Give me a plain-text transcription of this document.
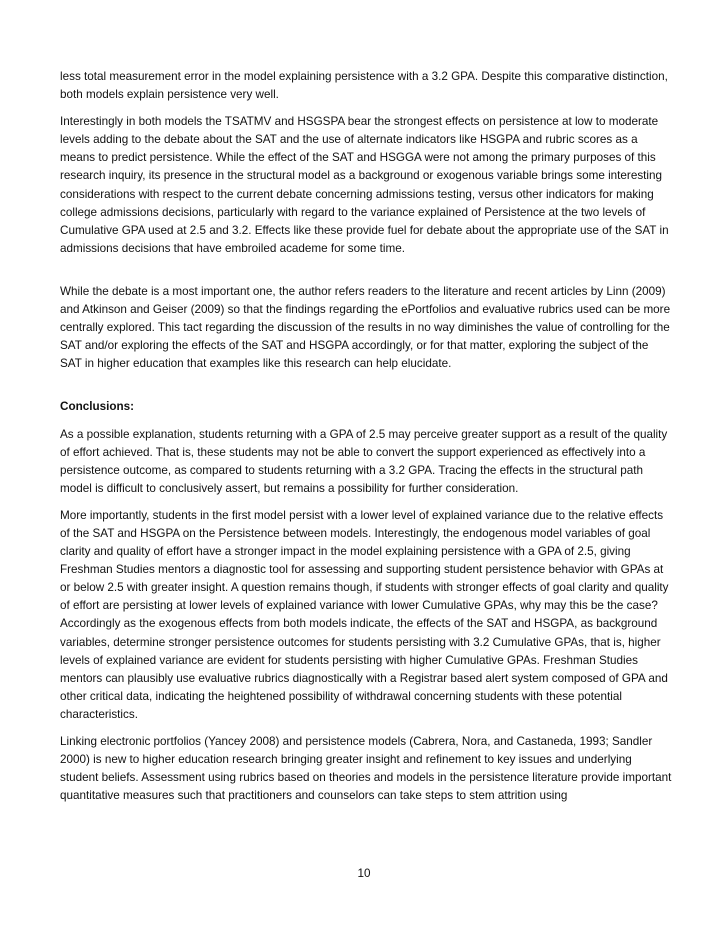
less total measurement error in the model explaining persistence with a 3.2 GPA. Despite this comparative distinction, both models explain persistence very well.

Interestingly in both models the TSATMV and HSGSPA bear the strongest effects on persistence at low to moderate levels adding to the debate about the SAT and the use of alternate indicators like HSGPA and rubric scores as a means to predict persistence. While the effect of the SAT and HSGGA were not among the primary purposes of this research inquiry, its presence in the structural model as a background or exogenous variable brings some interesting considerations with respect to the current debate concerning admissions testing, versus other indicators for making college admissions decisions, particularly with regard to the variance explained of Persistence at the two levels of Cumulative GPA used at 2.5 and 3.2. Effects like these provide fuel for debate about the appropriate use of the SAT in admissions decisions that have embroiled academe for some time.

While the debate is a most important one, the author refers readers to the literature and recent articles by Linn (2009) and Atkinson and Geiser (2009) so that the findings regarding the ePortfolios and evaluative rubrics used can be more centrally explored. This tact regarding the discussion of the results in no way diminishes the value of controlling for the SAT and/or exploring the effects of the SAT and HSGPA accordingly, or for that matter, exploring the subject of the SAT in higher education that examples like this research can help elucidate.

Conclusions:

As a possible explanation, students returning with a GPA of 2.5 may perceive greater support as a result of the quality of effort achieved. That is, these students may not be able to convert the support experienced as effectively into a persistence outcome, as compared to students returning with a 3.2 GPA. Tracing the effects in the structural path model is difficult to conclusively assert, but remains a possibility for further consideration.

More importantly, students in the first model persist with a lower level of explained variance due to the relative effects of the SAT and HSGPA on the Persistence between models. Interestingly, the endogenous model variables of goal clarity and quality of effort have a stronger impact in the model explaining persistence with a GPA of 2.5, giving Freshman Studies mentors a diagnostic tool for assessing and supporting student persistence behavior with GPAs at or below 2.5 with greater insight. A question remains though, if students with stronger effects of goal clarity and quality of effort are persisting at lower levels of explained variance with lower Cumulative GPAs, why may this be the case? Accordingly as the exogenous effects from both models indicate, the effects of the SAT and HSGPA, as background variables, determine stronger persistence outcomes for students persisting with 3.2 Cumulative GPAs, that is, higher levels of explained variance are evident for students persisting with higher Cumulative GPAs. Freshman Studies mentors can plausibly use evaluative rubrics diagnostically with a Registrar based alert system composed of GPA and other critical data, indicating the heightened possibility of withdrawal concerning students with these potential characteristics.

Linking electronic portfolios (Yancey 2008) and persistence models (Cabrera, Nora, and Castaneda, 1993; Sandler 2000) is new to higher education research bringing greater insight and refinement to key issues and underlying student beliefs. Assessment using rubrics based on theories and models in the persistence literature provide important quantitative measures such that practitioners and counselors can take steps to stem attrition using

10
